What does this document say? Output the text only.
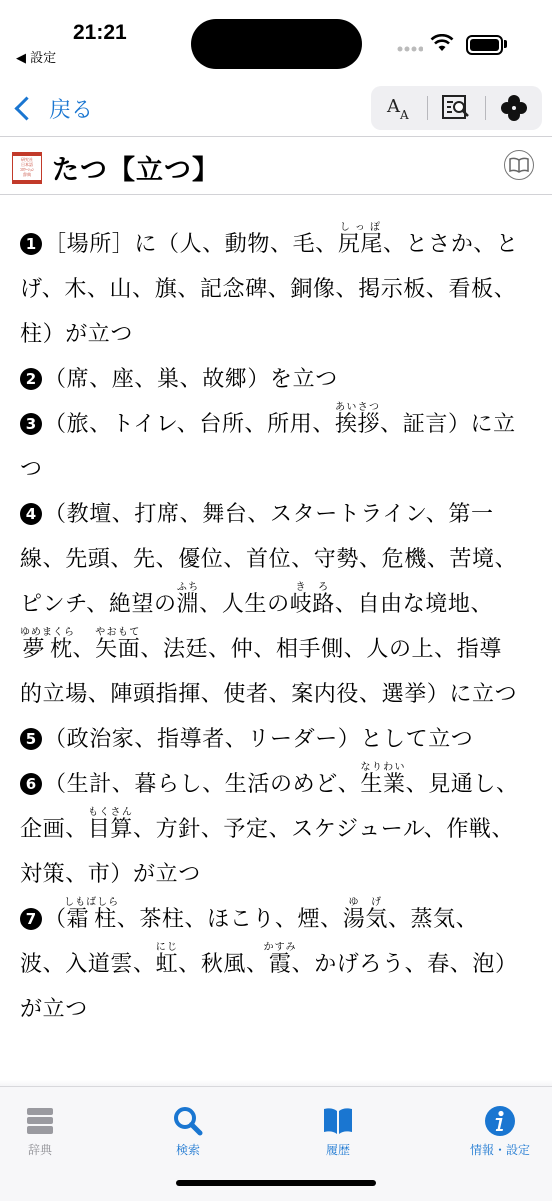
21:21
◀ 設定
戻る	A A
研究社
日本語
ｺﾛｹｰｼｮﾝ
辞典 たつ【立つ】

1 ［場所］に（人、動物、毛、尻尾しっぽ、とさか、とげ、木、山、旗、記念碑、銅像、掲示板、看板、柱）が立つ

2 （席、座、巣、故郷）を立つ

3 （旅、トイレ、台所、所用、挨拶あいさつ、証言）に立つ

4 （教壇、打席、舞台、スタートライン、第一線、先頭、先、優位、首位、守勢、危機、苦境、ピンチ、絶望の淵ふち、人生の岐路きろ、自由な境地、夢枕ゆめまくら、矢面やおもて、法廷、仲、相手側、人の上、指導的立場、陣頭指揮、使者、案内役、選挙）に立つ

5 （政治家、指導者、リーダー）として立つ

6 （生計、暮らし、生活のめど、生業なりわい、見通し、企画、目算もくさん、方針、予定、スケジュール、作戦、対策、市）が立つ

7 （霜柱しもばしら、茶柱、ほこり、煙、湯気ゆげ、蒸気、波、入道雲、虹にじ、秋風、霞かすみ、かげろう、春、泡）が立つ

辞典	検索	履歴	情報・設定
